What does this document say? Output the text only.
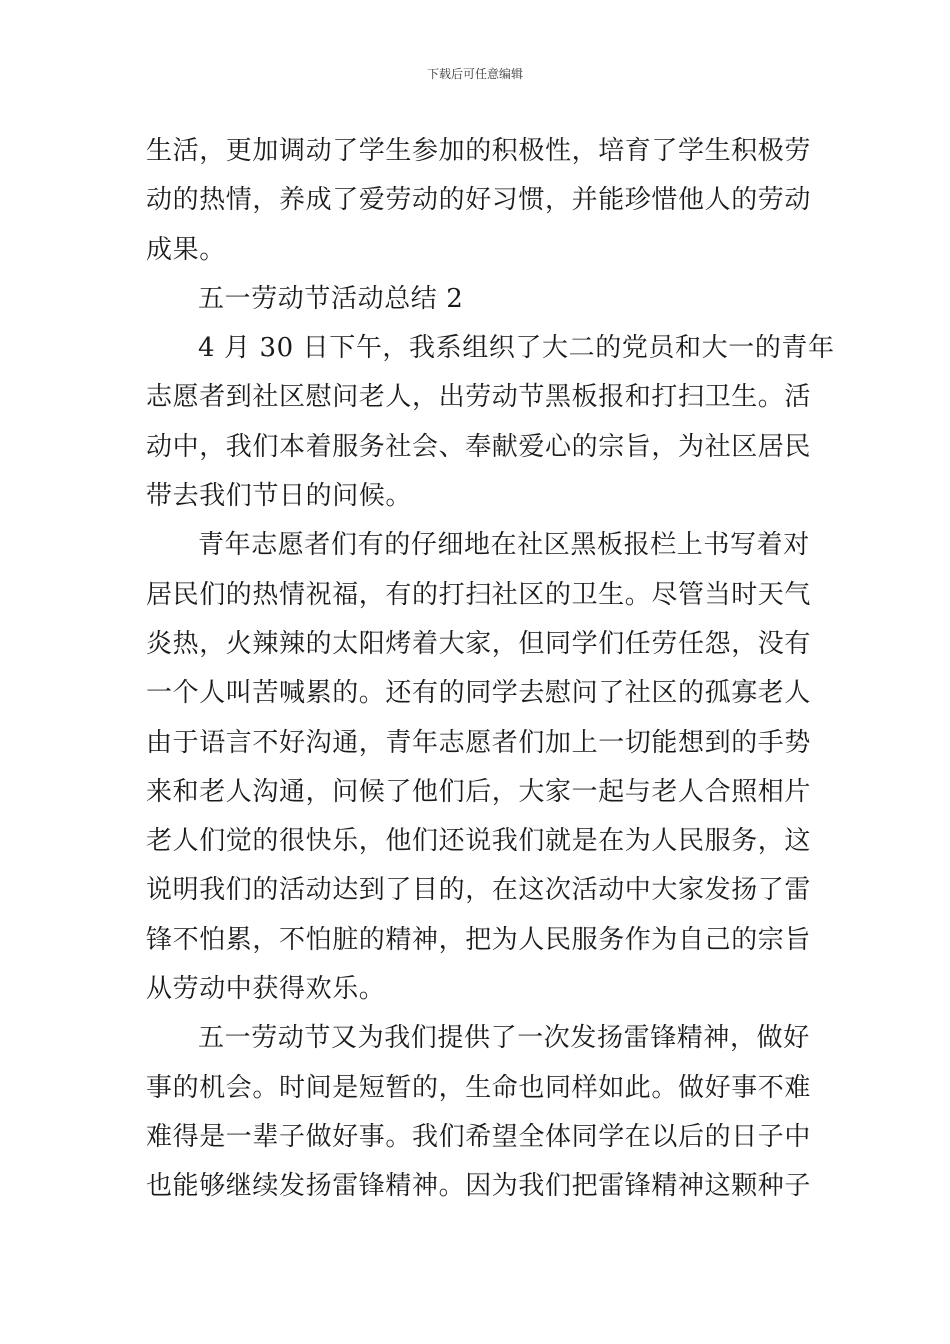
下载后可任意编辑
生活，更加调动了学生参加的积极性，培育了学生积极劳
动的热情，养成了爱劳动的好习惯，并能珍惜他人的劳动
成果。
五一劳动节活动总结 2
4 月 30 日下午，我系组织了大二的党员和大一的青年
志愿者到社区慰问老人，出劳动节黑板报和打扫卫生。活
动中，我们本着服务社会、奉献爱心的宗旨，为社区居民
带去我们节日的问候。
青年志愿者们有的仔细地在社区黑板报栏上书写着对
居民们的热情祝福，有的打扫社区的卫生。尽管当时天气
炎热，火辣辣的太阳烤着大家，但同学们任劳任怨，没有
一个人叫苦喊累的。还有的同学去慰问了社区的孤寡老人
由于语言不好沟通，青年志愿者们加上一切能想到的手势
来和老人沟通，问候了他们后，大家一起与老人合照相片
老人们觉的很快乐，他们还说我们就是在为人民服务，这
说明我们的活动达到了目的，在这次活动中大家发扬了雷
锋不怕累，不怕脏的精神，把为人民服务作为自己的宗旨
从劳动中获得欢乐。
五一劳动节又为我们提供了一次发扬雷锋精神，做好
事的机会。时间是短暂的，生命也同样如此。做好事不难
难得是一辈子做好事。我们希望全体同学在以后的日子中
也能够继续发扬雷锋精神。因为我们把雷锋精神这颗种子
